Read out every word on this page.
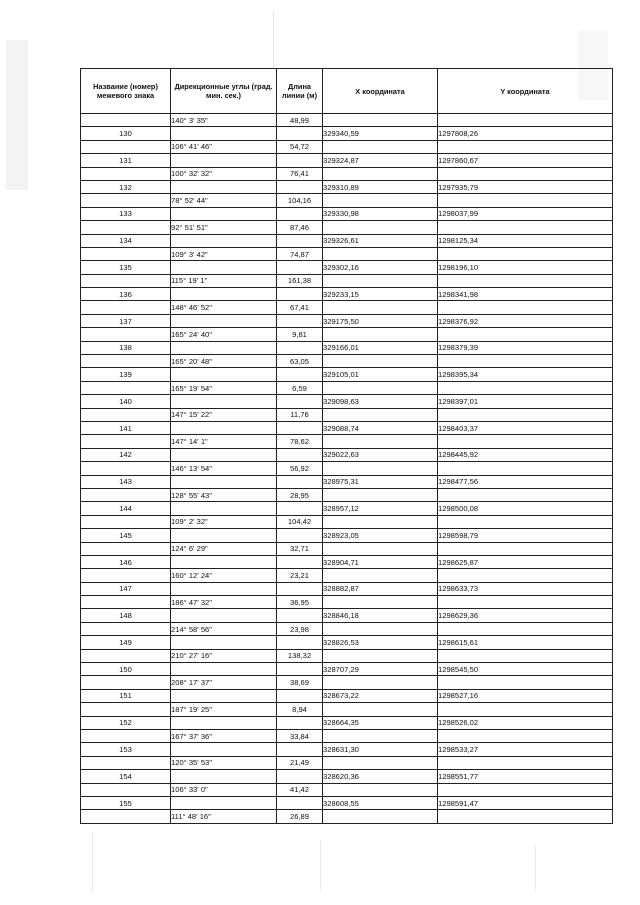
Название (номер) межевого знака	Дирекционные углы (град. мин. сек.)	Длина линии (м)	X координата	Y координата
	140° 3' 35"	48,99		
130			329340,59	1297808,26
	106° 41' 46"	54,72		
131			329324,87	1297860,67
	100° 32' 32"	76,41		
132			329310,89	1297935,79
	78° 52' 44"	104,16		
133			329330,98	1298037,99
	92° 51' 51"	87,46		
134			329326,61	1298125,34
	109° 3' 42"	74,87		
135			329302,16	1298196,10
	115° 19' 1"	161,38		
136			329233,15	1298341,98
	148° 46' 52"	67,41		
137			329175,50	1298376,92
	165° 24' 40"	9,81		
138			329166,01	1298379,39
	165° 20' 48"	63,05		
139			329105,01	1298395,34
	165° 19' 54"	6,59		
140			329098,63	1298397,01
	147° 15' 22"	11,76		
141			329088,74	1298403,37
	147° 14' 1"	78,62		
142			329022,63	1298445,92
	146° 13' 54"	56,92		
143			328975,31	1298477,56
	128° 55' 43"	28,95		
144			328957,12	1298500,08
	109° 2' 32"	104,42		
145			328923,05	1298598,79
	124° 6' 29"	32,71		
146			328904,71	1298625,87
	160° 12' 24"	23,21		
147			328882,87	1298633,73
	186° 47' 32"	36,95		
148			328846,18	1298629,36
	214° 58' 56"	23,98		
149			328826,53	1298615,61
	210° 27' 16"	138,32		
150			328707,29	1298545,50
	208° 17' 37"	38,69		
151			328673,22	1298527,16
	187° 19' 25"	8,94		
152			328664,35	1298526,02
	167° 37' 36"	33,84		
153			328631,30	1298533,27
	120° 35' 53"	21,49		
154			328620,36	1298551,77
	106° 33' 0"	41,42		
155			328608,55	1298591,47
	111° 48' 16"	26,89		
